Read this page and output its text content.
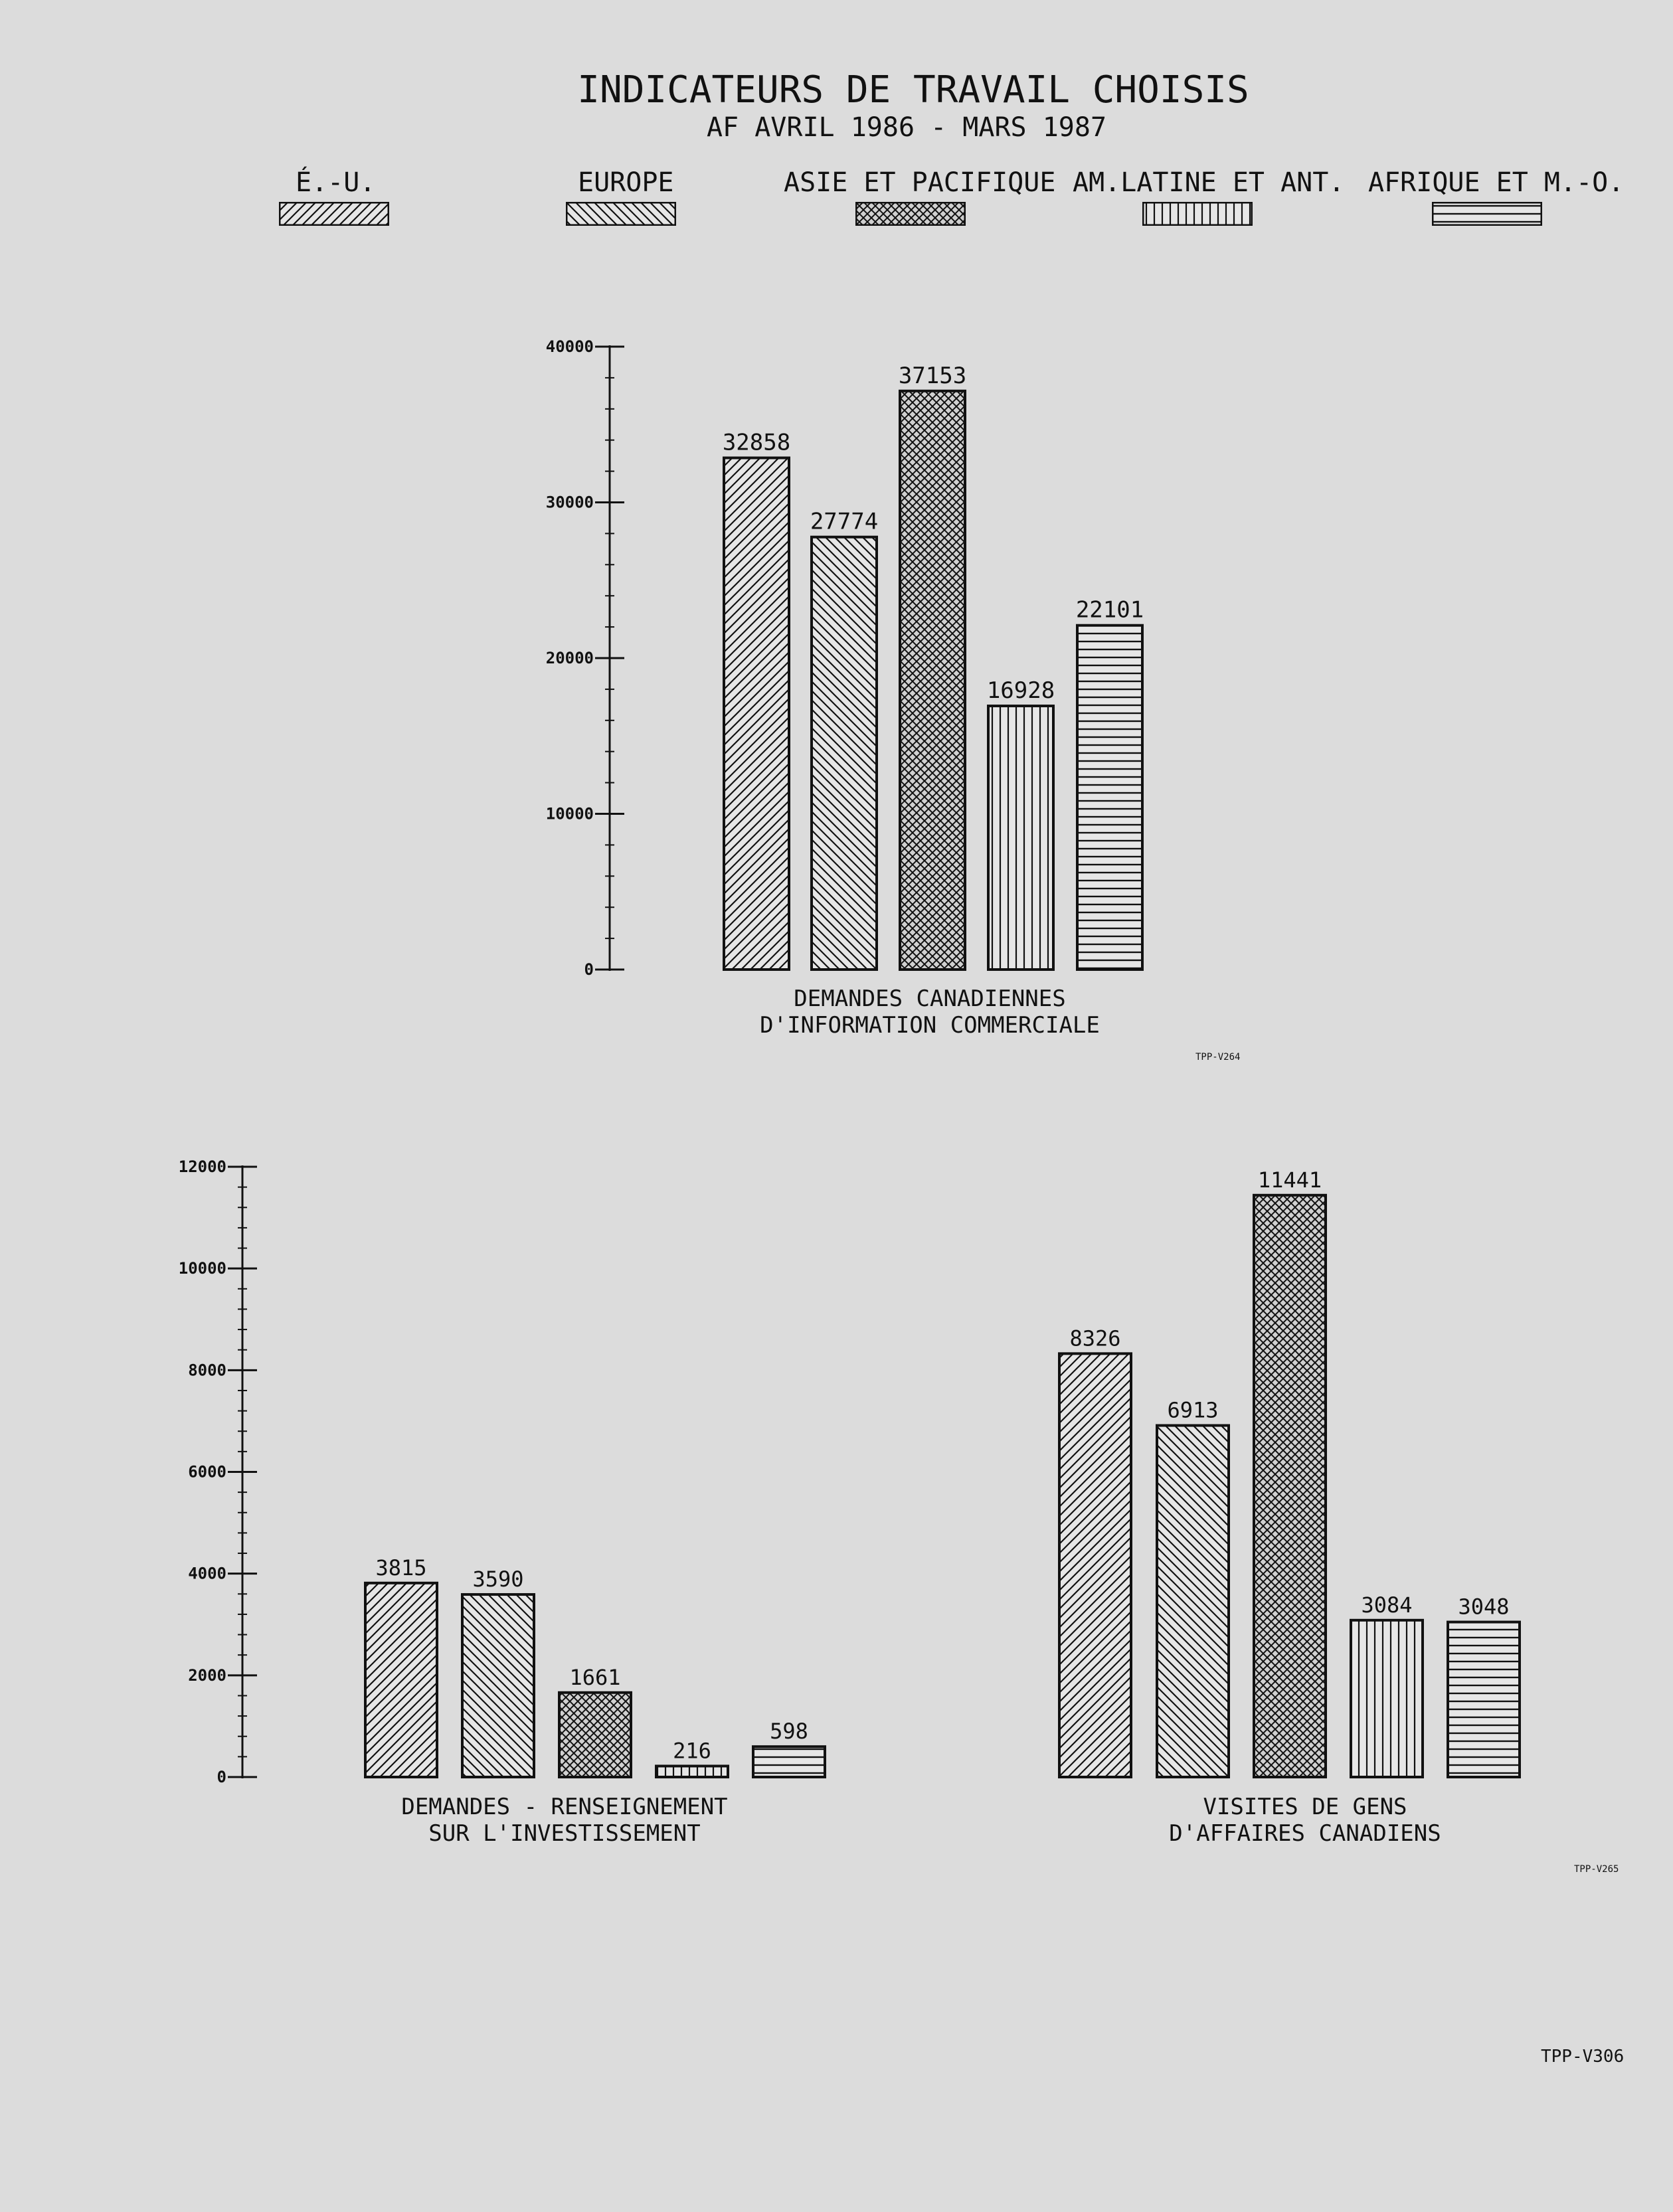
INDICATEURS DE TRAVAIL CHOISIS
AF AVRIL 1986 - MARS 1987
É.-U.	EUROPE	ASIE ET PACIFIQUE AM.LATINE ET ANT. AFRIQUE ET M.-O.
0
10000
20000
30000
40000
32858
27774
37153
16928
22101
DEMANDES CANADIENNES
D'INFORMATION COMMERCIALE
0
2000
4000
6000
8000
10000
12000
3815 3590
1661
216
598
DEMANDES - RENSEIGNEMENT
SUR L'INVESTISSEMENT
8326
6913
11441
3084 3048
VISITES DE GENS
D'AFFAIRES CANADIENS
TPP-V264
TPP-V265
TPP-V306
